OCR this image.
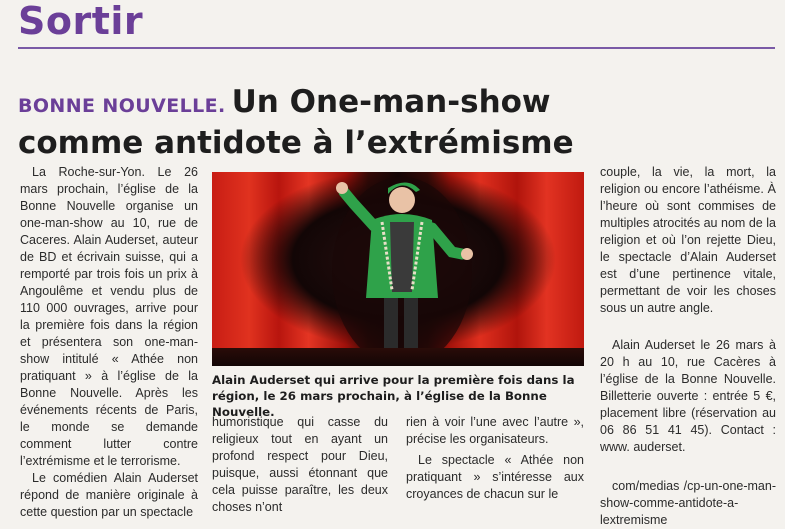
Sortir
BONNE NOUVELLE. Un One-man-show
comme antidote à l’extrémisme

La Roche-sur-Yon. Le 26 mars prochain, l’église de la Bonne Nouvelle organise un one-man-show au 10, rue de Caceres. Alain Auderset, auteur de BD et écrivain suisse, qui a remporté par trois fois un prix à Angoulême et vendu plus de 110 000 ouvrages, arrive pour la première fois dans la région et présentera son one-man-show intitulé « Athée non pratiquant » à l’église de la Bonne Nouvelle. Après les événements récents de Paris, le monde se demande comment lutter contre l’extrémisme et le terrorisme.

Le comédien Alain Auderset répond de manière originale à cette question par un spectacle

Alain Auderset qui arrive pour la première fois dans la région, le 26 mars prochain, à l’église de la Bonne Nouvelle.

humoristique qui casse du religieux tout en ayant un profond respect pour Dieu, puisque, aussi étonnant que cela puisse paraître, les deux choses n’ont

rien à voir l’une avec l’autre », précise les organisateurs.

Le spectacle « Athée non pratiquant » s’intéresse aux croyances de chacun sur le

couple, la vie, la mort, la religion ou encore l’athéisme. À l’heure où sont commises de multiples atrocités au nom de la religion et où l’on rejette Dieu, le spectacle d’Alain Auderset est d’une pertinence vitale, permettant de voir les choses sous un autre angle.

Alain Auderset le 26 mars à 20 h au 10, rue Cacères à l’église de la Bonne Nouvelle. Billetterie ouverte : entrée 5 €, placement libre (réservation au 06 86 51 41 45). Contact : www. auderset.

com/medias /cp-un-one-man-show-comme-antidote-a-lextremisme
